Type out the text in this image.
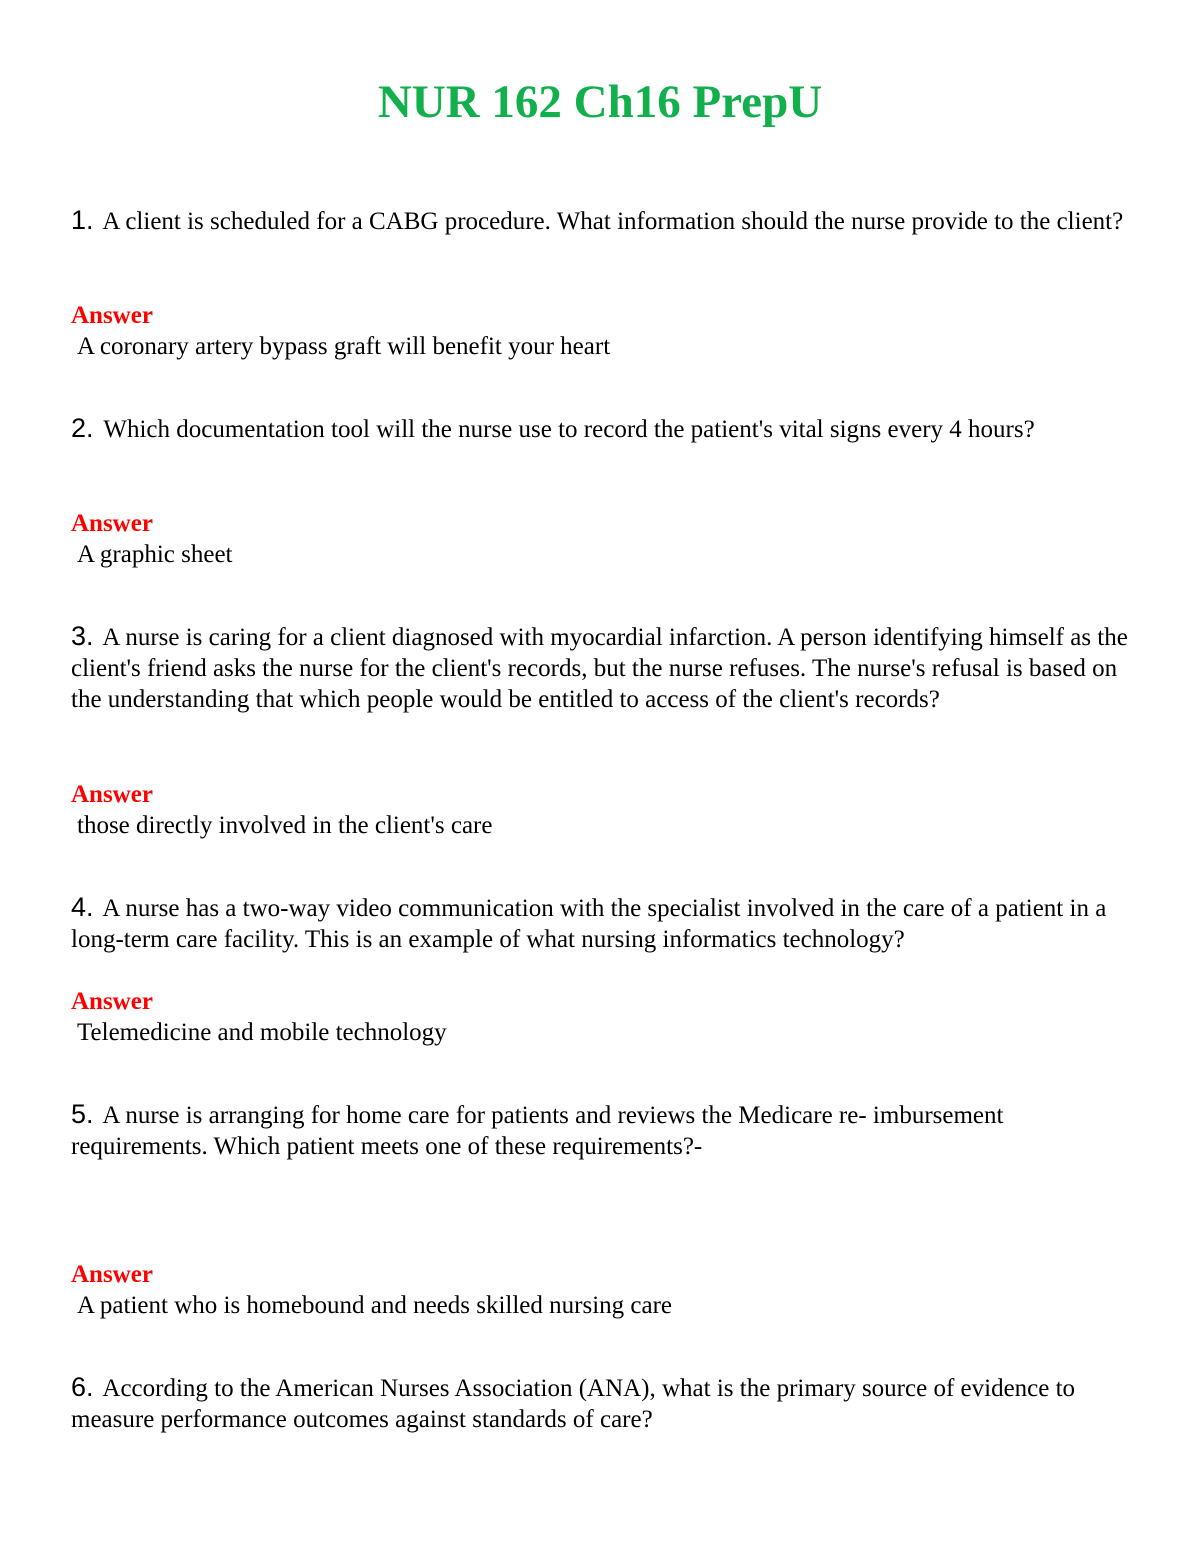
NUR 162 Ch16 PrepU

1. A client is scheduled for a CABG procedure. What information should the nurse provide to the client?

Answer

A coronary artery bypass graft will benefit your heart

2. Which documentation tool will the nurse use to record the patient's vital signs every 4 hours?

Answer

A graphic sheet

3. A nurse is caring for a client diagnosed with myocardial infarction. A person identifying himself as the client's friend asks the nurse for the client's records, but the nurse refuses. The nurse's refusal is based on the understanding that which people would be entitled to access of the client's records?

Answer

those directly involved in the client's care

4. A nurse has a two-way video communication with the specialist involved in the care of a patient in a long-term care facility. This is an example of what nursing informatics technology?

Answer

Telemedicine and mobile technology

5. A nurse is arranging for home care for patients and reviews the Medicare re- imbursement requirements. Which patient meets one of these requirements?-

Answer

A patient who is homebound and needs skilled nursing care

6. According to the American Nurses Association (ANA), what is the primary source of evidence to measure performance outcomes against standards of care?
